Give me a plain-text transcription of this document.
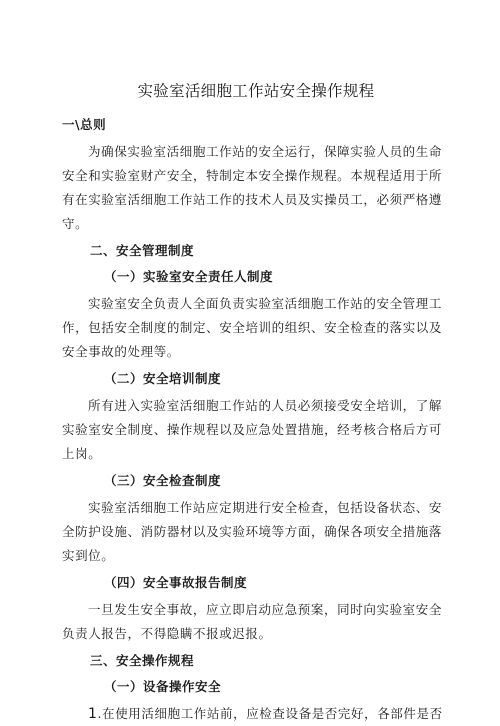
实验室活细胞工作站安全操作规程
一\总则

为确保实验室活细胞工作站的安全运行，保障实验人员的生命安全和实验室财产安全，特制定本安全操作规程。本规程适用于所有在实验室活细胞工作站工作的技术人员及实操员工，必须严格遵守。

二、安全管理制度
（一）实验室安全责任人制度

实验室安全负责人全面负责实验室活细胞工作站的安全管理工作，包括安全制度的制定、安全培训的组织、安全检查的落实以及安全事故的处理等。

（二）安全培训制度

所有进入实验室活细胞工作站的人员必须接受安全培训，了解实验室安全制度、操作规程以及应急处置措施，经考核合格后方可上岗。

（三）安全检查制度

实验室活细胞工作站应定期进行安全检查，包括设备状态、安全防护设施、消防器材以及实验环境等方面，确保各项安全措施落实到位。

（四）安全事故报告制度

一旦发生安全事故，应立即启动应急预案，同时向实验室安全负责人报告，不得隐瞒不报或迟报。

三、安全操作规程
（一）设备操作安全

1.在使用活细胞工作站前，应检查设备是否完好，各部件是否
